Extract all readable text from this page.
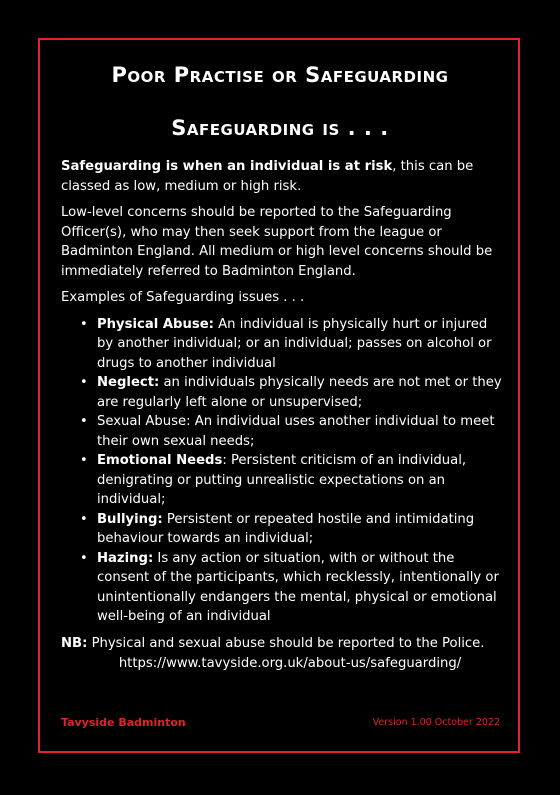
Poor Practise or Safeguarding
Safeguarding is . . .

Safeguarding is when an individual is at risk, this can be classed as low, medium or high risk.

Low-level concerns should be reported to the Safeguarding Officer(s), who may then seek support from the league or Badminton England. All medium or high level concerns should be immediately referred to Badminton England.

Examples of Safeguarding issues . . .

• Physical Abuse: An individual is physically hurt or injured by another individual; or an individual; passes on alcohol or drugs to another individual
• Neglect: an individuals physically needs are not met or they are regularly left alone or unsupervised;
• Sexual Abuse: An individual uses another individual to meet their own sexual needs;
• Emotional Needs: Persistent criticism of an individual, denigrating or putting unrealistic expectations on an individual;
• Bullying: Persistent or repeated hostile and intimidating behaviour towards an individual;
• Hazing: Is any action or situation, with or without the consent of the participants, which recklessly, intentionally or unintentionally endangers the mental, physical or emotional well-being of an individual

NB: Physical and sexual abuse should be reported to the Police.

https://www.tavyside.org.uk/about-us/safeguarding/
Tavyside Badminton	Version 1.00 October 2022
